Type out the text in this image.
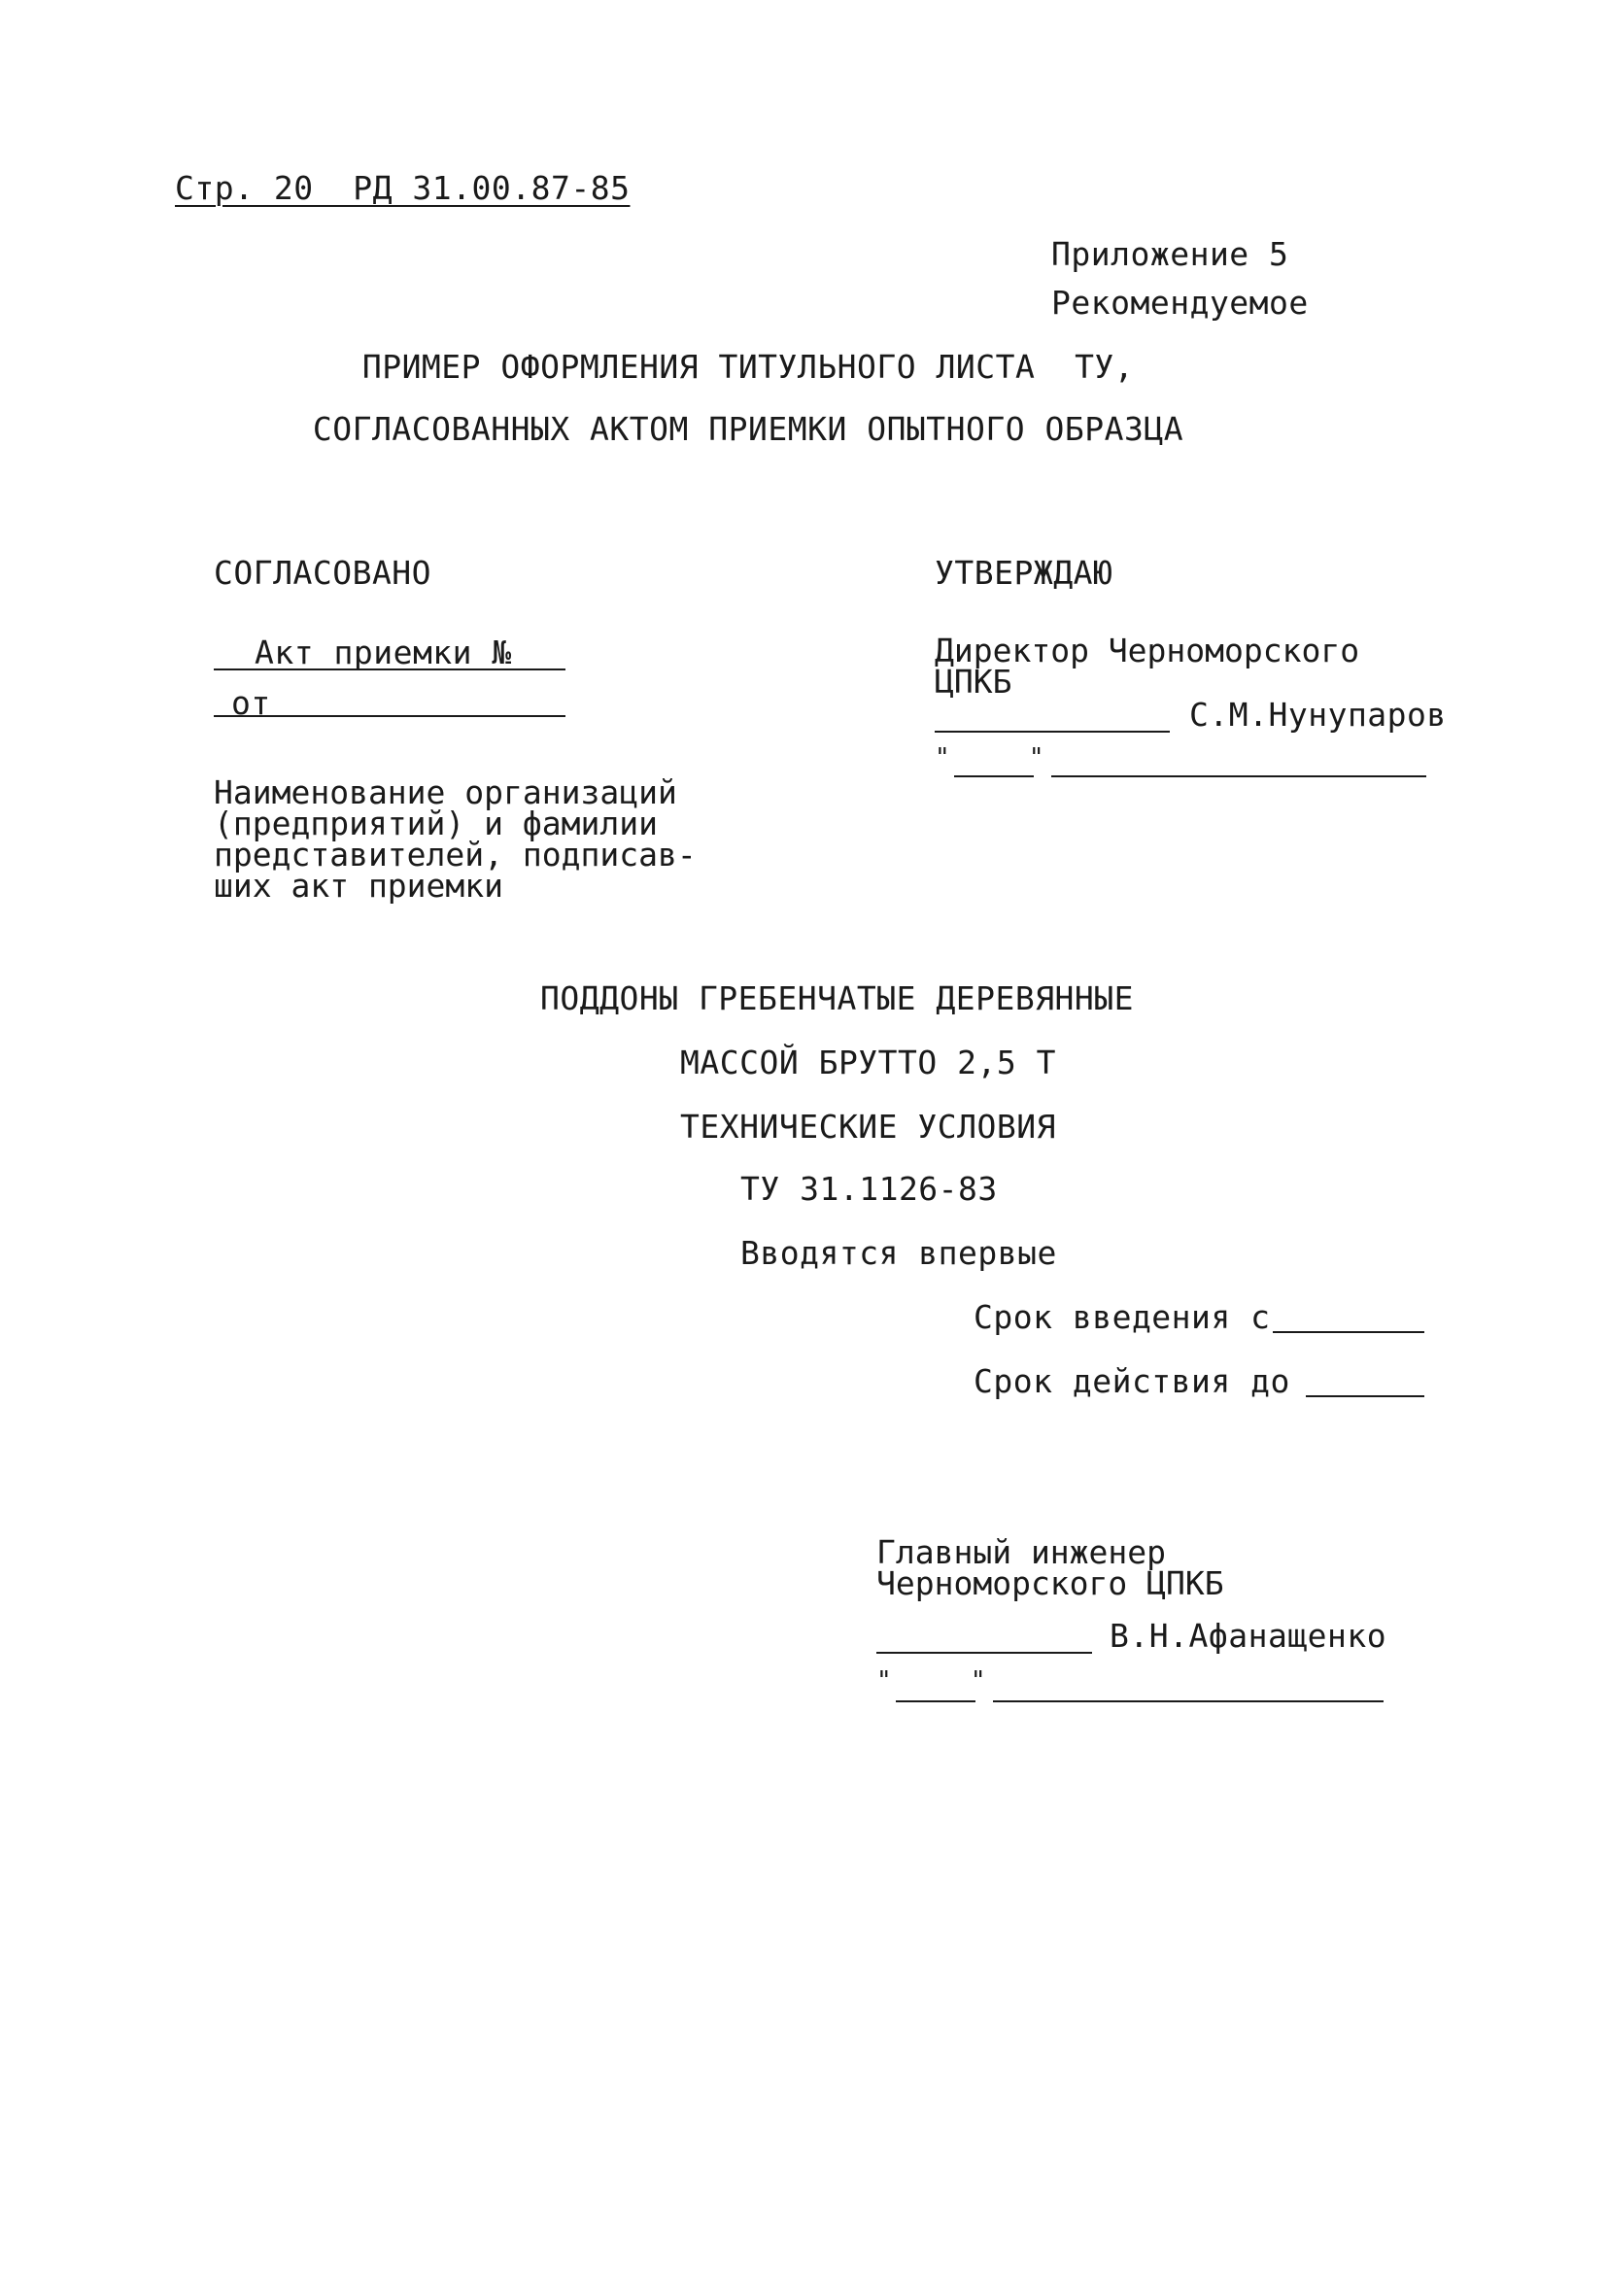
Стр. 20  РД 31.00.87-85
Приложение 5
Рекомендуемое
ПРИМЕР ОФОРМЛЕНИЯ ТИТУЛЬНОГО ЛИСТА  ТУ,
СОГЛАСОВАННЫХ АКТОМ ПРИЕМКИ ОПЫТНОГО ОБРАЗЦА
СОГЛАСОВАНО
Акт приемки №
от
Наименование организаций
(предприятий) и фамилии
представителей, подписав-
ших акт приемки
УТВЕРЖДАЮ
Директор Черноморского
ЦПКБ
С.М.Нунупаров
"     "
ПОДДОНЫ ГРЕБЕНЧАТЫЕ ДЕРЕВЯННЫЕ
МАССОЙ БРУТТО 2,5 Т
ТЕХНИЧЕСКИЕ УСЛОВИЯ
ТУ 31.1126-83
Вводятся впервые
Срок введения с
Срок действия до
Главный инженер
Черноморского ЦПКБ
В.Н.Афанащенко
"     "
